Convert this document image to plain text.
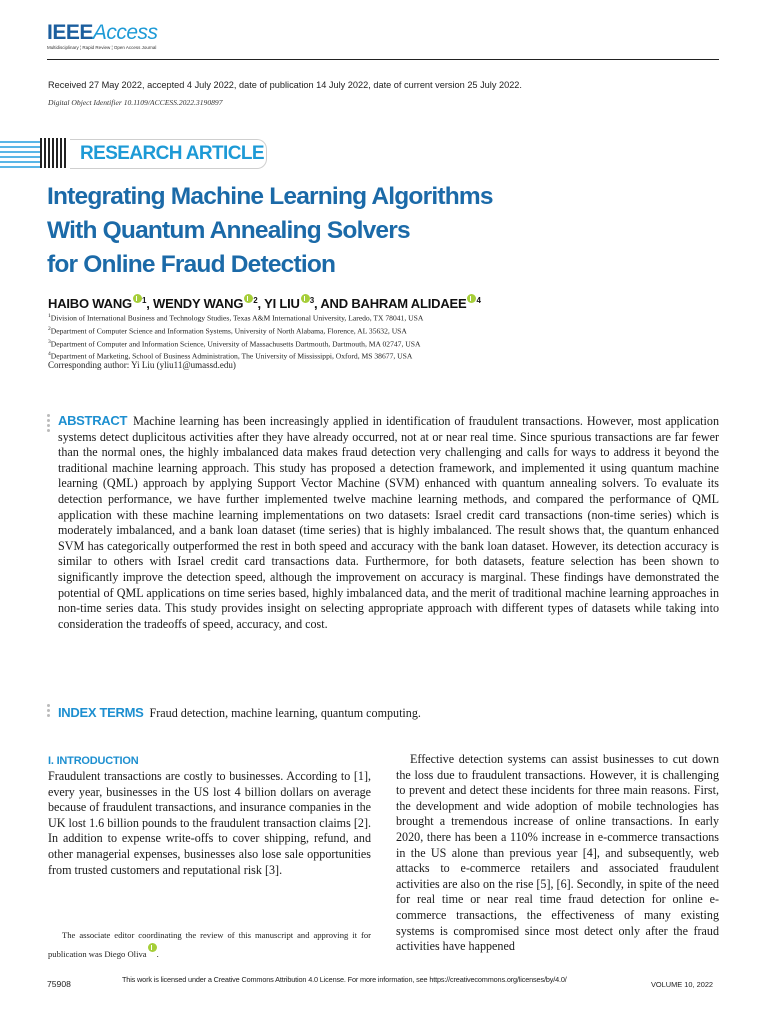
IEEEAccess
Multidisciplinary ¦ Rapid Review ¦ Open Access Journal
Received 27 May 2022, accepted 4 July 2022, date of publication 14 July 2022, date of current version 25 July 2022.
Digital Object Identifier 10.1109/ACCESS.2022.3190897
RESEARCH ARTICLE
Integrating Machine Learning Algorithms
With Quantum Annealing Solvers
for Online Fraud Detection
HAIBO WANG $^1$, WENDY WANG $^2$, YI LIU $^3$, AND BAHRAM ALIDAEE $^4$
$^1$Division of International Business and Technology Studies, Texas A&M International University, Laredo, TX 78041, USA
$^2$Department of Computer Science and Information Systems, University of North Alabama, Florence, AL 35632, USA
$^3$Department of Computer and Information Science, University of Massachusetts Dartmouth, Dartmouth, MA 02747, USA
$^4$Department of Marketing, School of Business Administration, The University of Mississippi, Oxford, MS 38677, USA
Corresponding author: Yi Liu (yliu11@umassd.edu)
ABSTRACT Machine learning has been increasingly applied in identification of fraudulent transactions. However, most application systems detect duplicitous activities after they have already occurred, not at or near real time. Since spurious transactions are far fewer than the normal ones, the highly imbalanced data makes fraud detection very challenging and calls for ways to address it beyond the traditional machine learning approach. This study has proposed a detection framework, and implemented it using quantum machine learning (QML) approach by applying Support Vector Machine (SVM) enhanced with quantum annealing solvers. To evaluate its detection performance, we have further implemented twelve machine learning methods, and compared the performance of QML application with these machine learning implementations on two datasets: Israel credit card transactions (non-time series) which is moderately imbalanced, and a bank loan dataset (time series) that is highly imbalanced. The result shows that, the quantum enhanced SVM has categorically outperformed the rest in both speed and accuracy with the bank loan dataset. However, its detection accuracy is similar to others with Israel credit card transactions data. Furthermore, for both datasets, feature selection has been shown to significantly improve the detection speed, although the improvement on accuracy is marginal. These findings have demonstrated the potential of QML applications on time series based, highly imbalanced data, and the merit of traditional machine learning approaches in non-time series data. This study provides insight on selecting appropriate approach with different types of datasets while taking into consideration the tradeoffs of speed, accuracy, and cost.
INDEX TERMS Fraud detection, machine learning, quantum computing.
I. INTRODUCTION
Fraudulent transactions are costly to businesses. According to [1], every year, businesses in the US lost 4 billion dollars on average because of fraudulent transactions, and insurance companies in the UK lost 1.6 billion pounds to the fraudulent transaction claims [2]. In addition to expense write-offs to cover shipping, refund, and other managerial expenses, businesses also lose sale opportunities from trusted customers and reputational risk [3].
The associate editor coordinating the review of this manuscript and approving it for publication was Diego Oliva .
Effective detection systems can assist businesses to cut down the loss due to fraudulent transactions. However, it is challenging to prevent and detect these incidents for three main reasons. First, the development and wide adoption of mobile technologies has brought a tremendous increase of online transactions. In early 2020, there has been a 110% increase in e-commerce transactions in the US alone than previous year [4], and subsequently, web attacks to e-commerce retailers and associated fraudulent activities are also on the rise [5], [6]. Secondly, in spite of the need for real time or near real time fraud detection for online e-commerce transactions, the effectiveness of many existing systems is compromised since most detect only after the fraud activities have happened
75908	This work is licensed under a Creative Commons Attribution 4.0 License. For more information, see https://creativecommons.org/licenses/by/4.0/
VOLUME 10, 2022
